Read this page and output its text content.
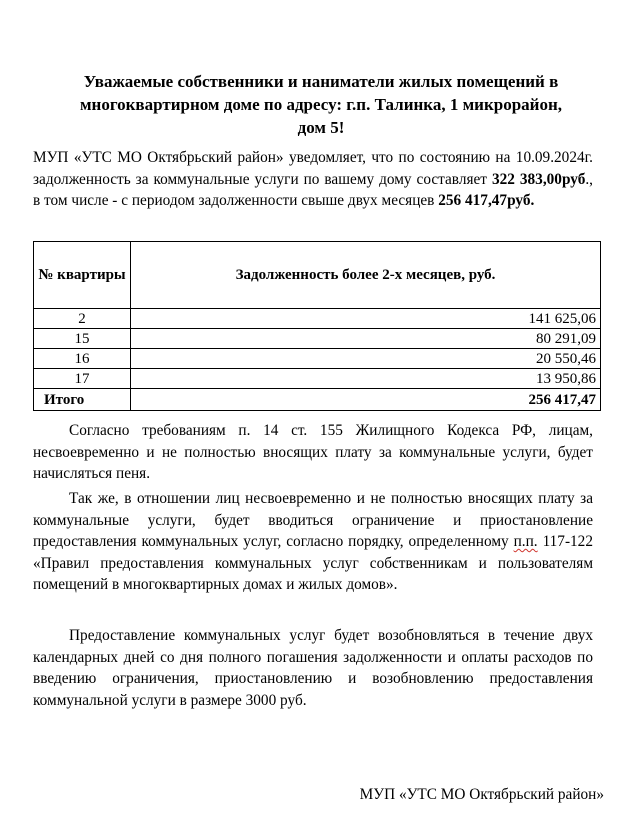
Уважаемые собственники и наниматели жилых помещений в
многоквартирном доме по адресу: г.п. Талинка, 1 микрорайон,
дом 5!
МУП «УТС МО Октябрьский район» уведомляет, что по состоянию на 10.09.2024г. задолженность за коммунальные услуги по вашему дому составляет 322 383,00руб., в том числе - с периодом задолженности свыше двух месяцев 256 417,47руб.
№ квартиры	Задолженность более 2-х месяцев, руб.
2	141 625,06
15	80 291,09
16	20 550,46
17	13 950,86
Итого	256 417,47
Согласно требованиям п. 14 ст. 155 Жилищного Кодекса РФ, лицам, несвоевременно и не полностью вносящих плату за коммунальные услуги, будет начисляться пеня.
Так же, в отношении лиц несвоевременно и не полностью вносящих плату за коммунальные услуги, будет вводиться ограничение и приостановление предоставления коммунальных услуг, согласно порядку, определенному п.п. 117-122 «Правил предоставления коммунальных услуг собственникам и пользователям помещений в многоквартирных домах и жилых домов».
Предоставление коммунальных услуг будет возобновляться в течение двух календарных дней со дня полного погашения задолженности и оплаты расходов по введению ограничения, приостановлению и возобновлению предоставления коммунальной услуги в размере 3000 руб.
МУП «УТС МО Октябрьский район»
